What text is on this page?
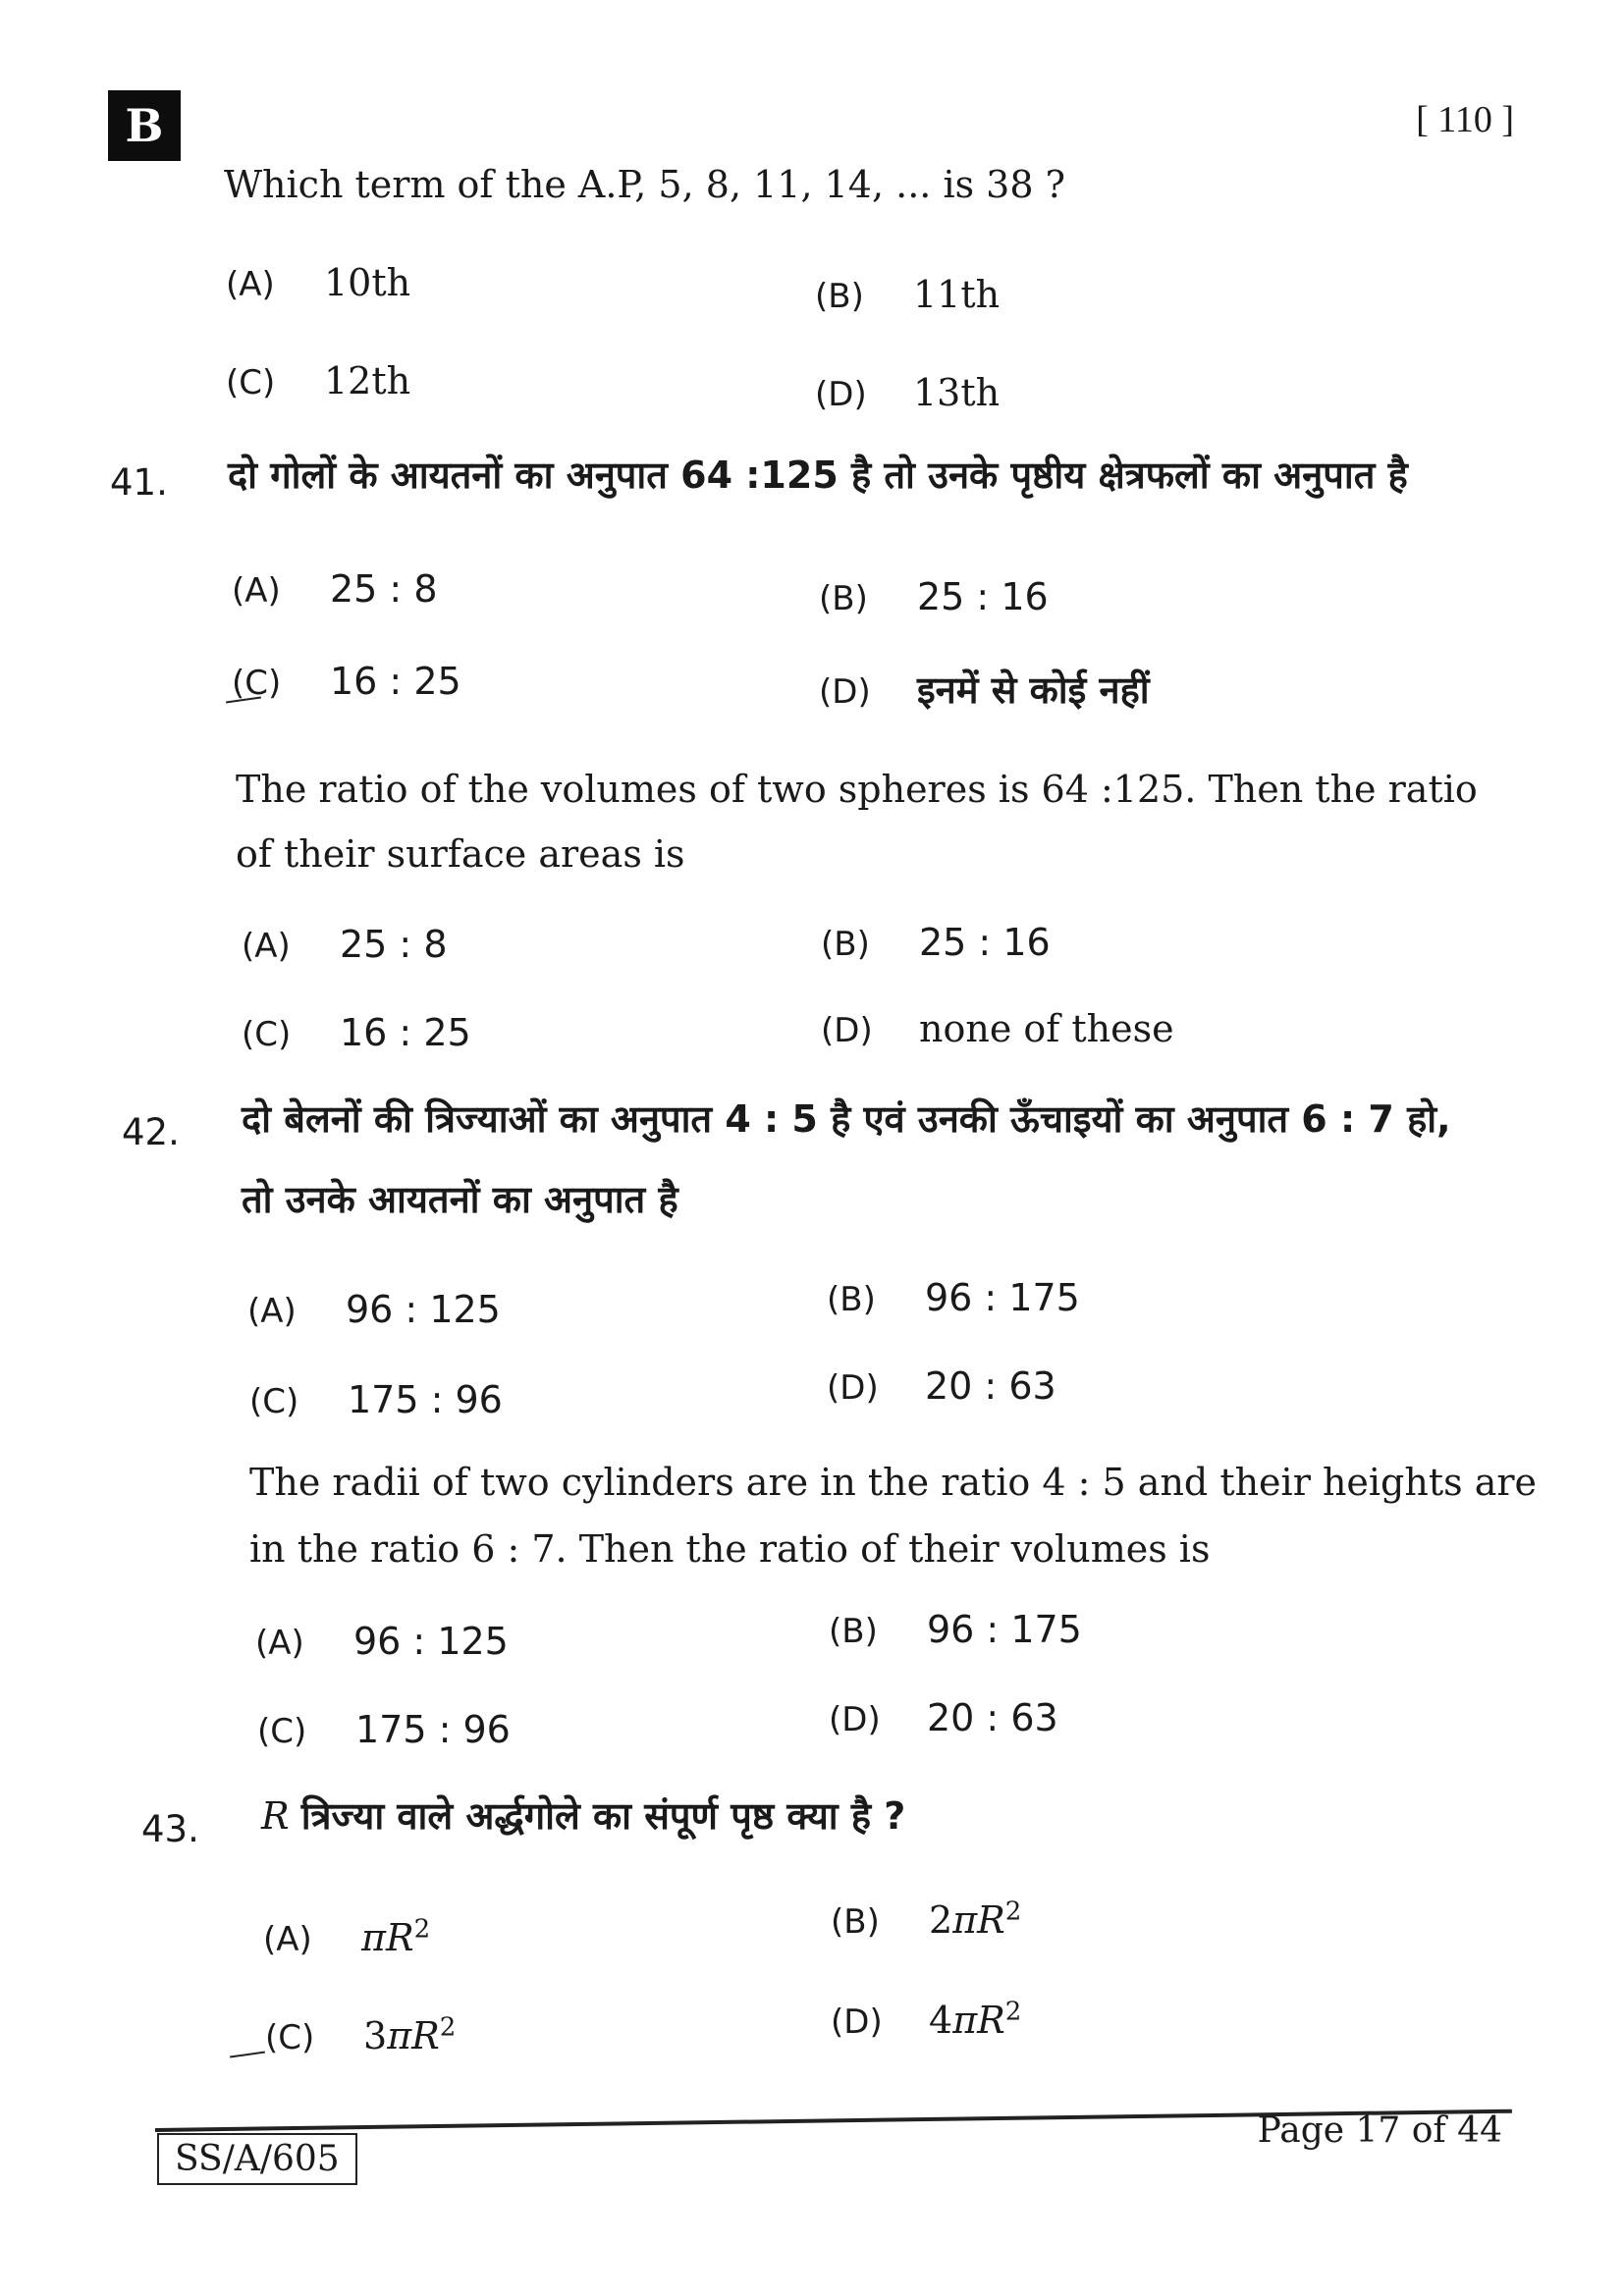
B	[ 110 ]
Which term of the A.P, 5, 8, 11, 14, ... is 38 ?
(A) 10th	(B) 11th
(C) 12th	(D) 13th
41. दो गोलों के आयतनों का अनुपात 64 :125 है तो उनके पृष्ठीय क्षेत्रफलों का अनुपात है
(A) 25 : 8	(B) 25 : 16
(C) 16 : 25	(D) इनमें से कोई नहीं
The ratio of the volumes of two spheres is 64 :125. Then the ratio
of their surface areas is
(A) 25 : 8	(B) 25 : 16
(C) 16 : 25	(D) none of these
42. दो बेलनों की त्रिज्याओं का अनुपात 4 : 5 है एवं उनकी ऊँचाइयों का अनुपात 6 : 7 हो,
तो उनके आयतनों का अनुपात है
(A) 96 : 125	(B) 96 : 175
(C) 175 : 96	(D) 20 : 63
The radii of two cylinders are in the ratio 4 : 5 and their heights are
in the ratio 6 : 7. Then the ratio of their volumes is
(A) 96 : 125	(B) 96 : 175
(C) 175 : 96	(D) 20 : 63
43. R त्रिज्या वाले अर्द्धगोले का संपूर्ण पृष्ठ क्या है ?
(A) $\pi R^2$	(B) $2\pi R^2$
(C) $3\pi R^2$	(D) $4\pi R^2$
SS/A/605
Page 17 of 44
